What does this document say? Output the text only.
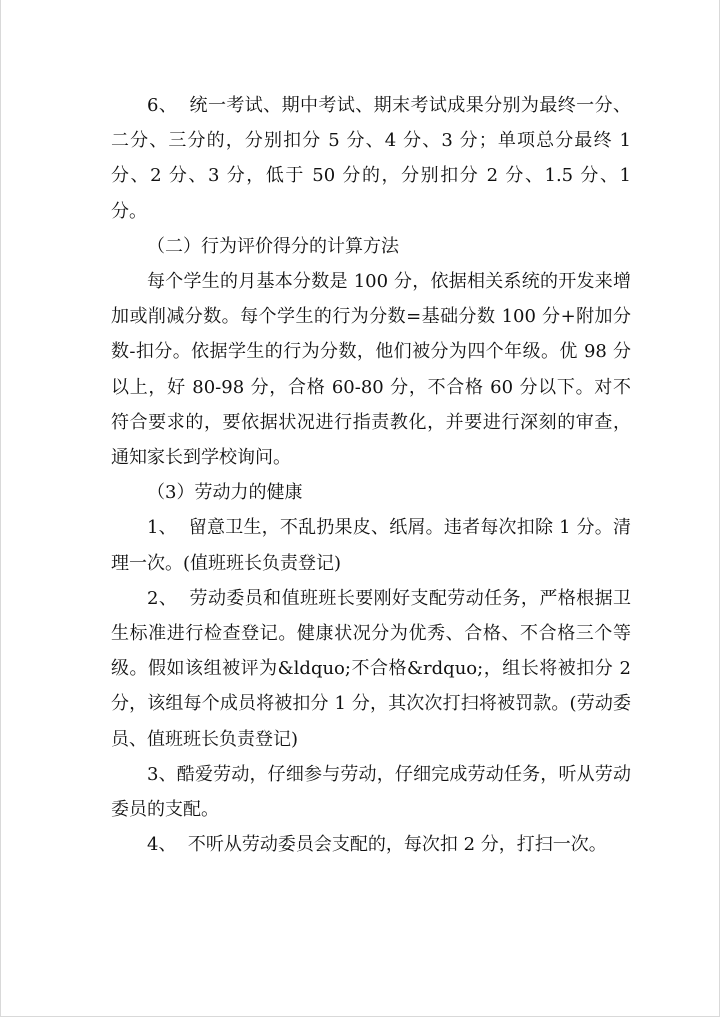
6、  统一考试、期中考试、期末考试成果分别为最终一分、二分、三分的，分别扣分 5 分、4 分、3 分；单项总分最终 1 分、2 分、3 分，低于 50 分的，分别扣分 2 分、1.5 分、1 分。

（二）行为评价得分的计算方法

每个学生的月基本分数是 100 分，依据相关系统的开发来增加或削减分数。每个学生的行为分数=基础分数 100 分+附加分数-扣分。依据学生的行为分数，他们被分为四个年级。优 98 分以上，好 80-98 分，合格 60-80 分，不合格 60 分以下。对不符合要求的，要依据状况进行指责教化，并要进行深刻的审查，通知家长到学校询问。

（3）劳动力的健康

1、  留意卫生，不乱扔果皮、纸屑。违者每次扣除 1 分。清理一次。(值班班长负责登记)

2、  劳动委员和值班班长要刚好支配劳动任务，严格根据卫生标准进行检查登记。健康状况分为优秀、合格、不合格三个等级。假如该组被评为&ldquo;不合格&rdquo;，组长将被扣分 2 分，该组每个成员将被扣分 1 分，其次次打扫将被罚款。(劳动委员、值班班长负责登记)

3、酷爱劳动，仔细参与劳动，仔细完成劳动任务，听从劳动委员的支配。

4、  不听从劳动委员会支配的，每次扣 2 分，打扫一次。
